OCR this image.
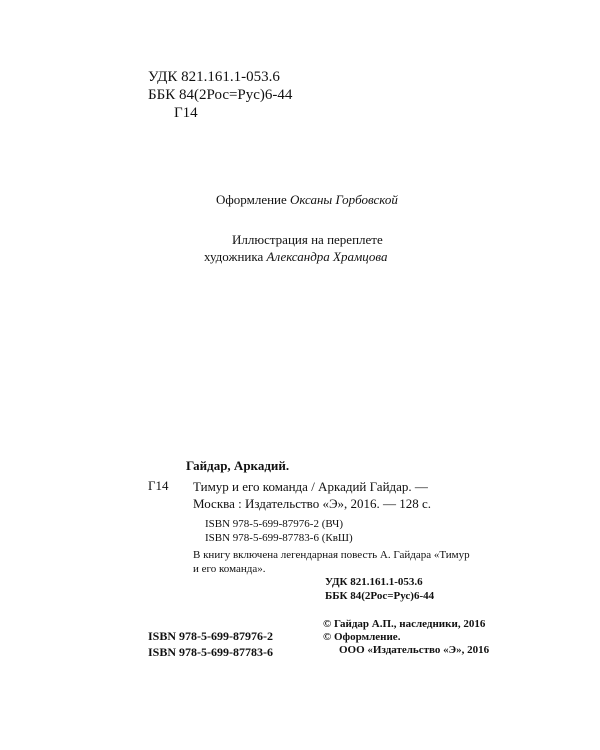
УДК 821.161.1-053.6
ББК 84(2Рос=Рус)6-44
Г14
Оформление Оксаны Горбовской
Иллюстрация на переплете
художника Александра Храмцова
Гайдар, Аркадий.
Г14 Тимур и его команда / Аркадий Гайдар. —
Москва : Издательство «Э», 2016. — 128 с.
ISBN 978-5-699-87976-2 (ВЧ)
ISBN 978-5-699-87783-6 (КвШ)
В книгу включена легендарная повесть А. Гайдара «Тимур
и его команда».
УДК 821.161.1-053.6
ББК 84(2Рос=Рус)6-44
ISBN 978-5-699-87976-2
ISBN 978-5-699-87783-6
© Гайдар А.П., наследники, 2016
© Оформление.
ООО «Издательство «Э», 2016
